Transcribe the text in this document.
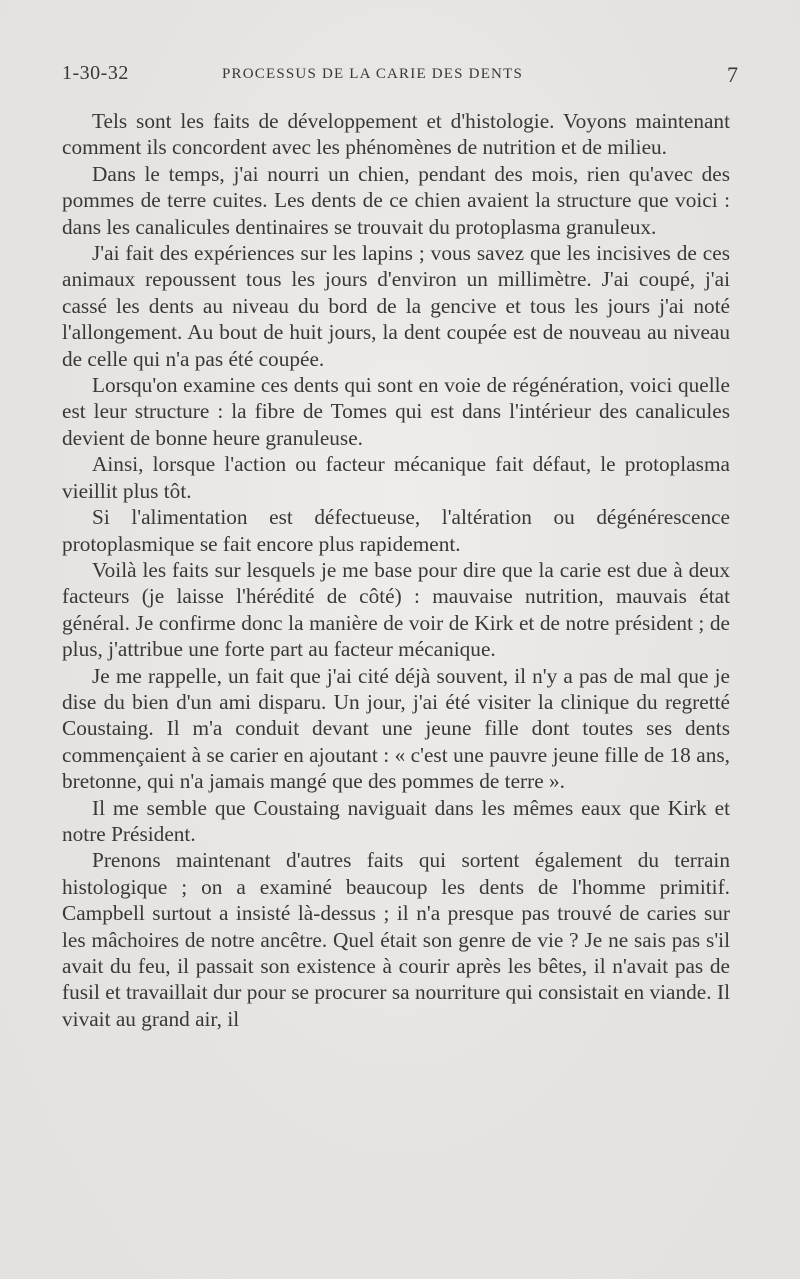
1-30-32	PROCESSUS DE LA CARIE DES DENTS	7

Tels sont les faits de développement et d'histologie. Voyons maintenant comment ils concordent avec les phénomènes de nutrition et de milieu.

Dans le temps, j'ai nourri un chien, pendant des mois, rien qu'avec des pommes de terre cuites. Les dents de ce chien avaient la structure que voici : dans les canalicules dentinaires se trouvait du protoplasma granuleux.

J'ai fait des expériences sur les lapins ; vous savez que les incisives de ces animaux repoussent tous les jours d'environ un millimètre. J'ai coupé, j'ai cassé les dents au niveau du bord de la gencive et tous les jours j'ai noté l'allongement. Au bout de huit jours, la dent coupée est de nouveau au niveau de celle qui n'a pas été coupée.

Lorsqu'on examine ces dents qui sont en voie de régénération, voici quelle est leur structure : la fibre de Tomes qui est dans l'intérieur des canalicules devient de bonne heure granuleuse.

Ainsi, lorsque l'action ou facteur mécanique fait défaut, le protoplasma vieillit plus tôt.

Si l'alimentation est défectueuse, l'altération ou dégénérescence protoplasmique se fait encore plus rapidement.

Voilà les faits sur lesquels je me base pour dire que la carie est due à deux facteurs (je laisse l'hérédité de côté) : mauvaise nutrition, mauvais état général. Je confirme donc la manière de voir de Kirk et de notre président ; de plus, j'attribue une forte part au facteur mécanique.

Je me rappelle, un fait que j'ai cité déjà souvent, il n'y a pas de mal que je dise du bien d'un ami disparu. Un jour, j'ai été visiter la clinique du regretté Coustaing. Il m'a conduit devant une jeune fille dont toutes ses dents commençaient à se carier en ajoutant : « c'est une pauvre jeune fille de 18 ans, bretonne, qui n'a jamais mangé que des pommes de terre ».

Il me semble que Coustaing naviguait dans les mêmes eaux que Kirk et notre Président.

Prenons maintenant d'autres faits qui sortent également du terrain histologique ; on a examiné beaucoup les dents de l'homme primitif. Campbell surtout a insisté là-dessus ; il n'a presque pas trouvé de caries sur les mâchoires de notre ancêtre. Quel était son genre de vie ? Je ne sais pas s'il avait du feu, il passait son existence à courir après les bêtes, il n'avait pas de fusil et travaillait dur pour se procurer sa nourriture qui consistait en viande. Il vivait au grand air, il
